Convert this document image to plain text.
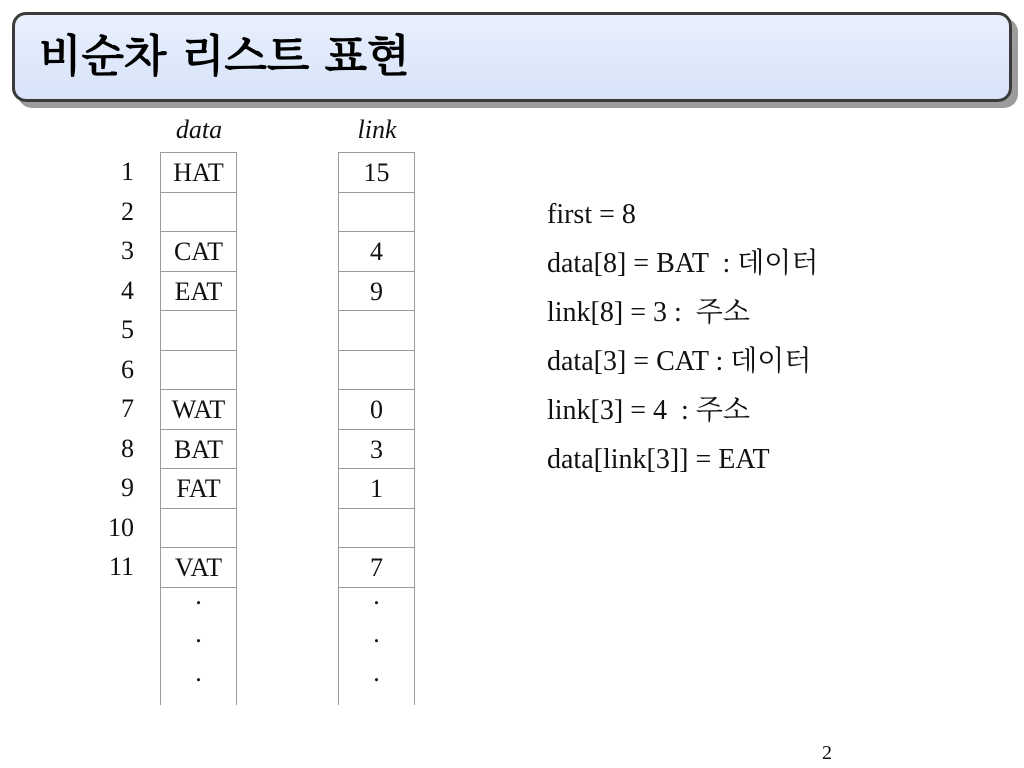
비순차 리스트 표현
data	link
1	HAT	15
2
3	CAT	4
4	EAT	9
5
6
7	WAT	0
8	BAT	3
9	FAT	1
10
11	VAT	7
.
.
.
.
.
.
first = 8
data[8] = BAT  : 데이터
link[8] = 3 :  주소
data[3] = CAT : 데이터
link[3] = 4  : 주소
data[link[3]] = EAT
2
